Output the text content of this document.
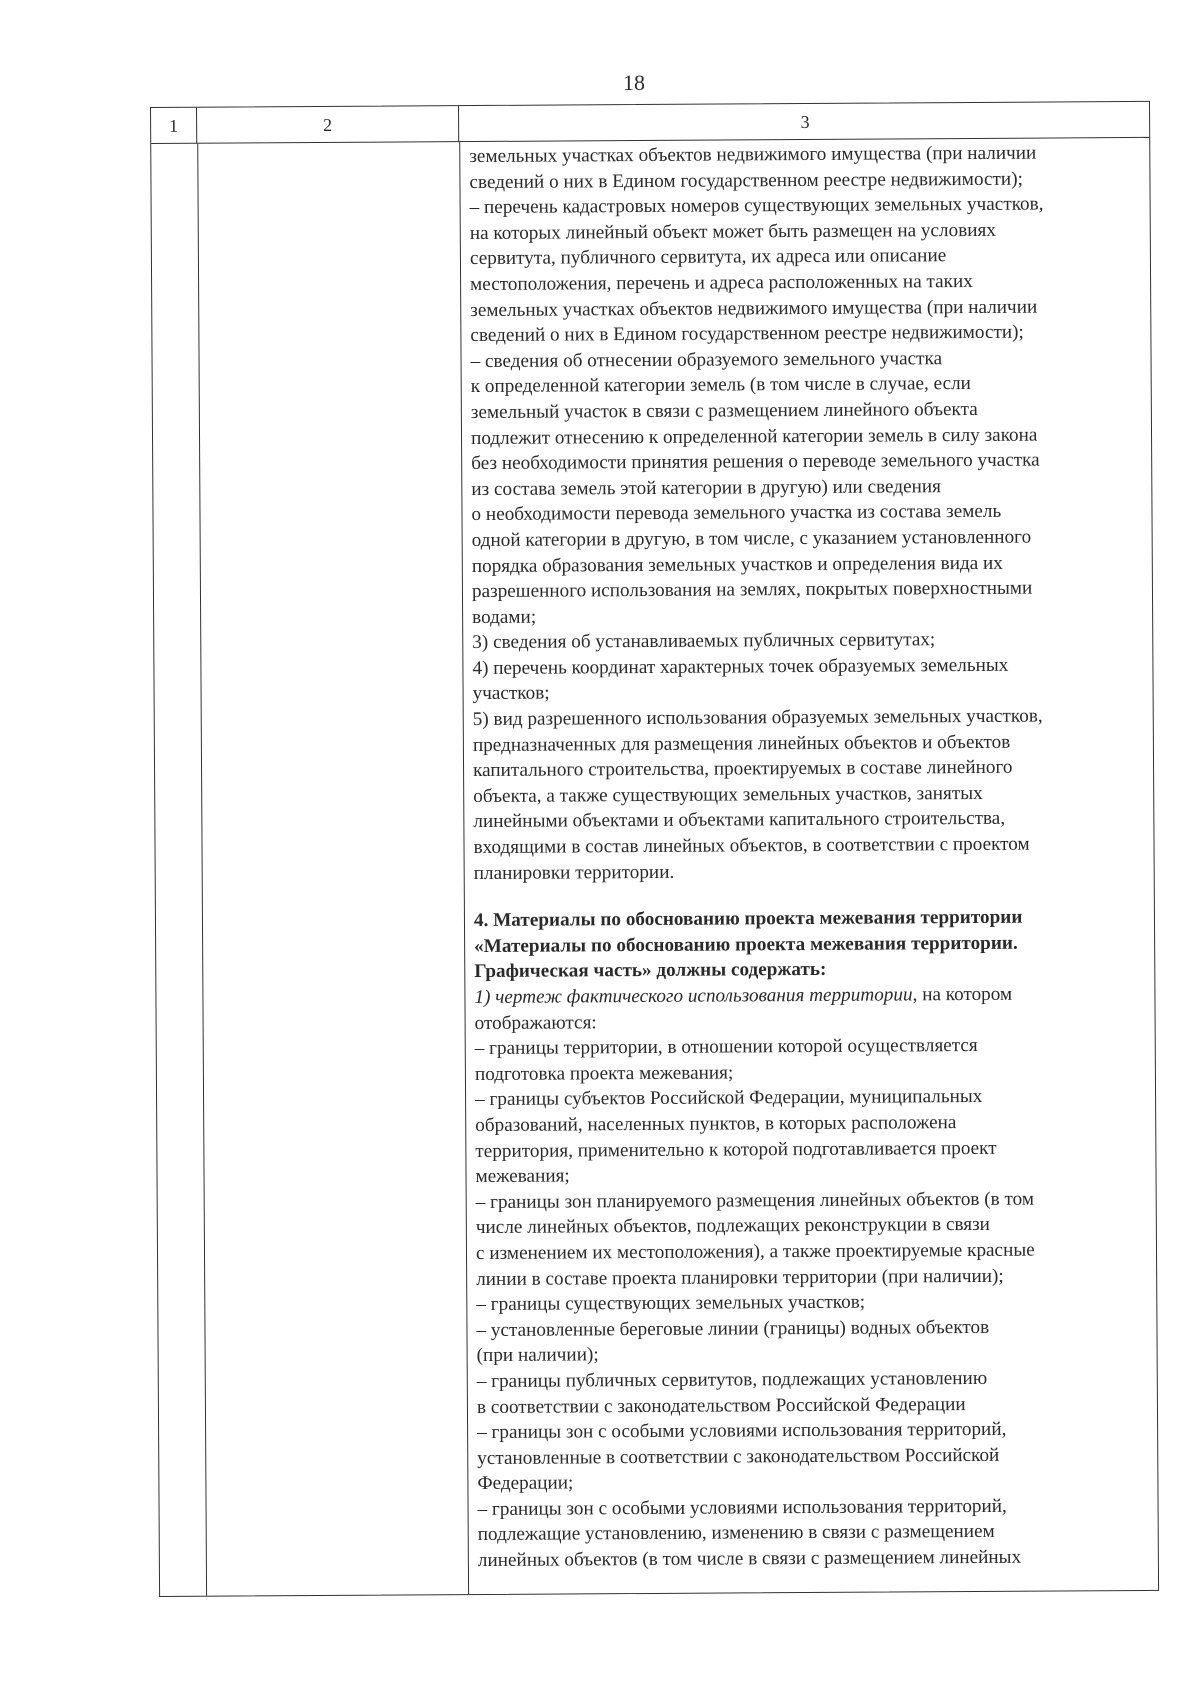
18
1	2	3

земельных участках объектов недвижимого имущества (при наличии

сведений о них в Едином государственном реестре недвижимости);

– перечень кадастровых номеров существующих земельных участков,

на которых линейный объект может быть размещен на условиях

сервитута, публичного сервитута, их адреса или описание

местоположения, перечень и адреса расположенных на таких

земельных участках объектов недвижимого имущества (при наличии

сведений о них в Едином государственном реестре недвижимости);

– сведения об отнесении образуемого земельного участка

к определенной категории земель (в том числе в случае, если

земельный участок в связи с размещением линейного объекта

подлежит отнесению к определенной категории земель в силу закона

без необходимости принятия решения о переводе земельного участка

из состава земель этой категории в другую) или сведения

о необходимости перевода земельного участка из состава земель

одной категории в другую, в том числе, с указанием установленного

порядка образования земельных участков и определения вида их

разрешенного использования на землях, покрытых поверхностными

водами;

3) сведения об устанавливаемых публичных сервитутах;

4) перечень координат характерных точек образуемых земельных

участков;

5) вид разрешенного использования образуемых земельных участков,

предназначенных для размещения линейных объектов и объектов

капитального строительства, проектируемых в составе линейного

объекта, а также существующих земельных участков, занятых

линейными объектами и объектами капитального строительства,

входящими в состав линейных объектов, в соответствии с проектом

планировки территории.

4. Материалы по обоснованию проекта межевания территории

«Материалы по обоснованию проекта межевания территории.

Графическая часть» должны содержать:

1) чертеж фактического использования территории, на котором

отображаются:

– границы территории, в отношении которой осуществляется

подготовка проекта межевания;

– границы субъектов Российской Федерации, муниципальных

образований, населенных пунктов, в которых расположена

территория, применительно к которой подготавливается проект

межевания;

– границы зон планируемого размещения линейных объектов (в том

числе линейных объектов, подлежащих реконструкции в связи

с изменением их местоположения), а также проектируемые красные

линии в составе проекта планировки территории (при наличии);

– границы существующих земельных участков;

– установленные береговые линии (границы) водных объектов

(при наличии);

– границы публичных сервитутов, подлежащих установлению

в соответствии с законодательством Российской Федерации

– границы зон с особыми условиями использования территорий,

установленные в соответствии с законодательством Российской

Федерации;

– границы зон с особыми условиями использования территорий,

подлежащие установлению, изменению в связи с размещением

линейных объектов (в том числе в связи с размещением линейных
